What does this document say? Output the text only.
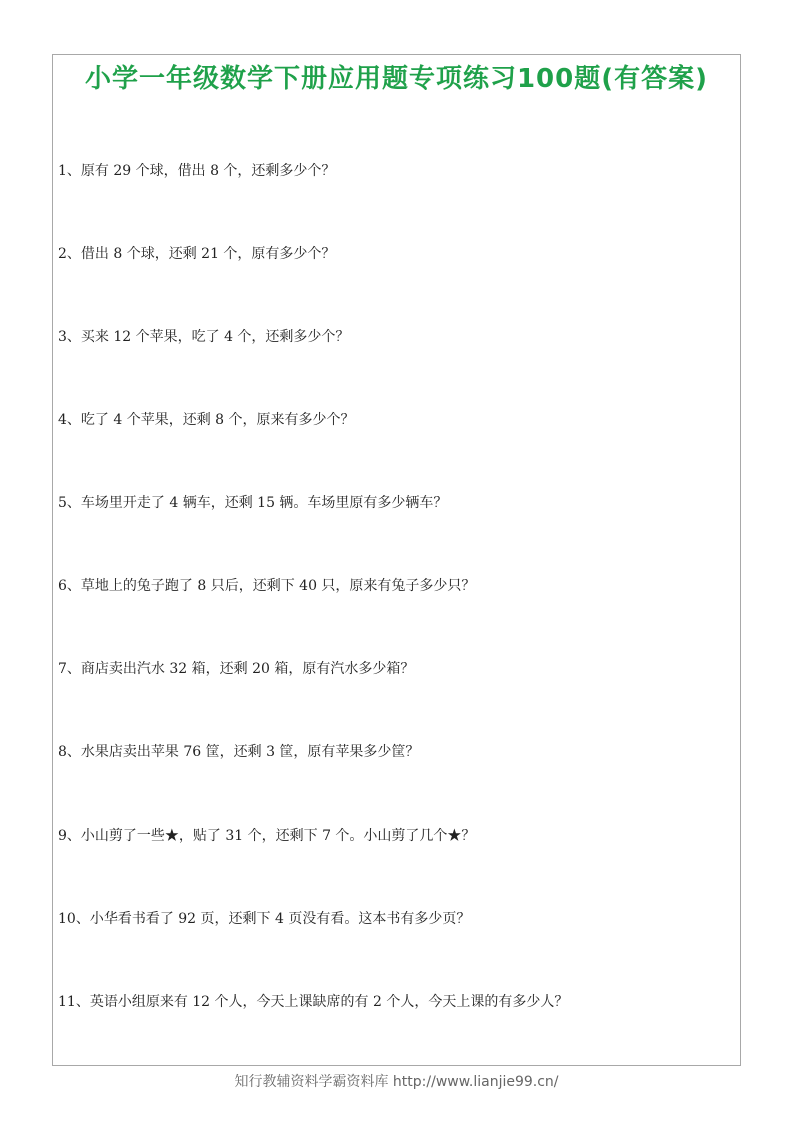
小学一年级数学下册应用题专项练习100题(有答案)
1、原有 29 个球，借出 8 个，还剩多少个？
2、借出 8 个球，还剩 21 个，原有多少个？
3、买来 12 个苹果，吃了 4 个，还剩多少个？
4、吃了 4 个苹果，还剩 8 个，原来有多少个？
5、车场里开走了 4 辆车，还剩 15 辆。车场里原有多少辆车？
6、草地上的兔子跑了 8 只后，还剩下 40 只，原来有兔子多少只？
7、商店卖出汽水 32 箱，还剩 20 箱，原有汽水多少箱？
8、水果店卖出苹果 76 筐，还剩 3 筐，原有苹果多少筐？
9、小山剪了一些★，贴了 31 个，还剩下 7 个。小山剪了几个★？
10、小华看书看了 92 页，还剩下 4 页没有看。这本书有多少页？
11、英语小组原来有 12 个人，今天上课缺席的有 2 个人，今天上课的有多少人？
知行教辅资料学霸资料库 http://www.lianjie99.cn/
